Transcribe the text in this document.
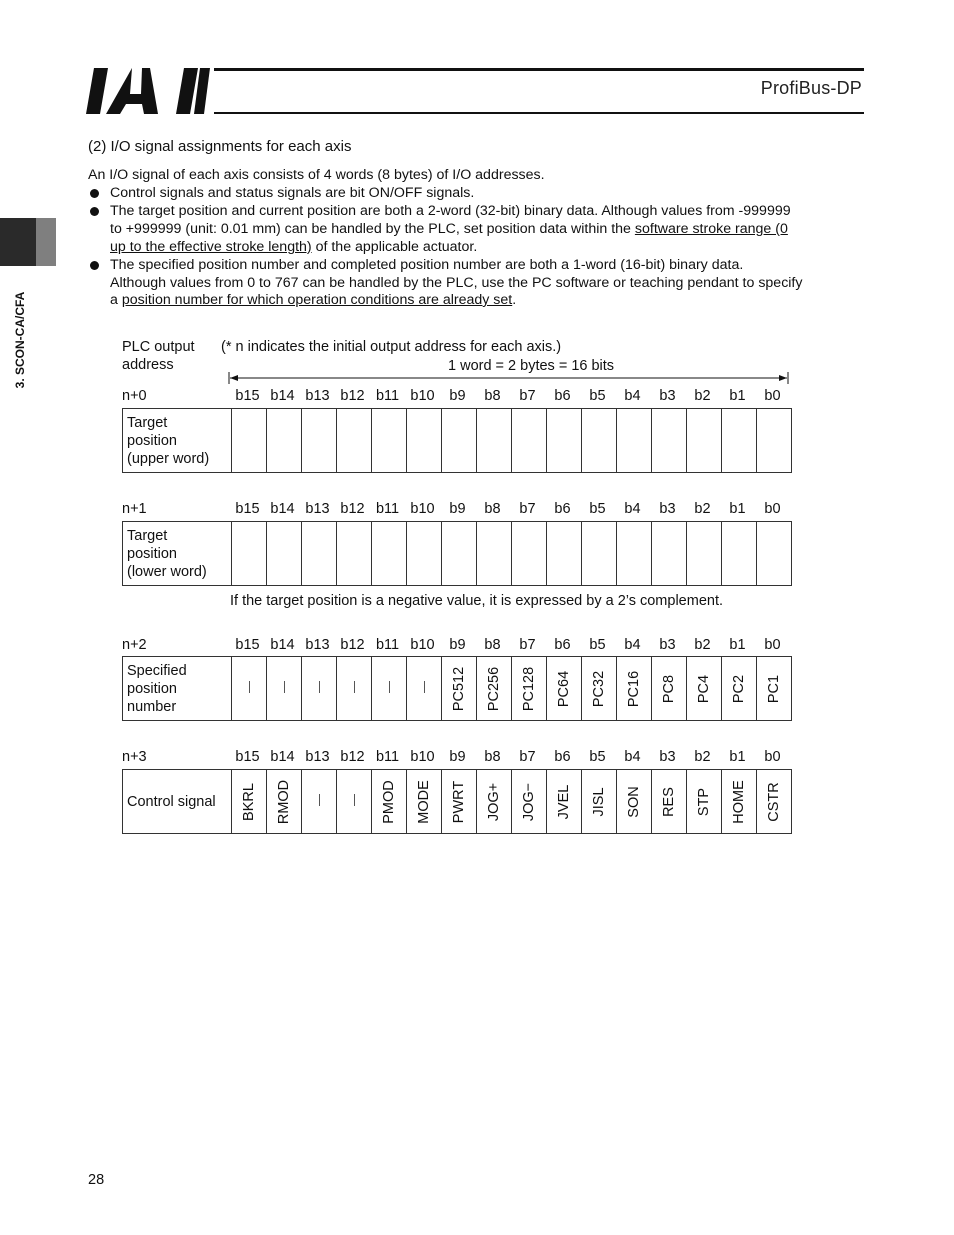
ProfiBus-DP
3. SCON-CA/CFA
(2) I/O signal assignments for each axis
An I/O signal of each axis consists of 4 words (8 bytes) of I/O addresses.
Control signals and status signals are bit ON/OFF signals.
The target position and current position are both a 2-word (32-bit) binary data. Although values from -999999
to +999999 (unit: 0.01 mm) can be handled by the PLC, set position data within the software stroke range (0
up to the effective stroke length) of the applicable actuator.
The specified position number and completed position number are both a 1-word (16-bit) binary data.
Although values from 0 to 767 can be handled by the PLC, use the PC software or teaching pendant to specify
a position number for which operation conditions are already set.
PLC output
address
(* n indicates the initial output address for each axis.)
1 word = 2 bytes = 16 bits
n+0	b15 b14 b13 b12 b11 b10	b9	b8	b7	b6	b5	b4	b3	b2	b1	b0
Target
position
(upper word)

n+1	b15 b14 b13 b12 b11 b10	b9	b8	b7	b6	b5	b4	b3	b2	b1	b0
Target
position
(lower word)

n+2	b15 b14 b13 b12 b11 b10	b9	b8	b7	b6	b5	b4	b3	b2	b1	b0
Specified
position
number							PC512	PC256	PC128	PC64	PC32	PC16	PC8	PC4	PC2	PC1
n+3	b15 b14 b13 b12 b11 b10	b9	b8	b7	b6	b5	b4	b3	b2	b1	b0
Control signal	BKRL	RMOD			PMOD	MODE	PWRT	JOG+	JOG−	JVEL	JISL	SON	RES	STP	HOME	CSTR
If the target position is a negative value, it is expressed by a 2’s complement.
28
